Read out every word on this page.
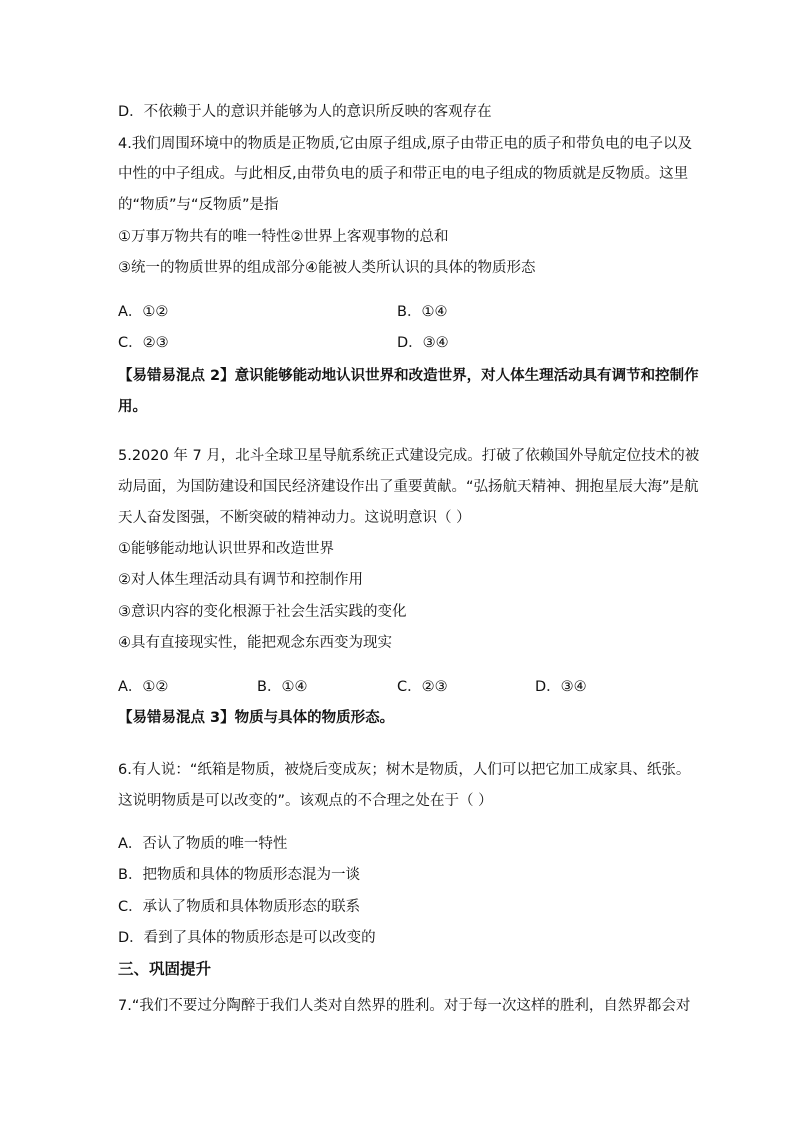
D．不依赖于人的意识并能够为人的意识所反映的客观存在
4.我们周围环境中的物质是正物质,它由原子组成,原子由带正电的质子和带负电的电子以及
中性的中子组成。与此相反,由带负电的质子和带正电的电子组成的物质就是反物质。这里
的“物质”与“反物质”是指
①万事万物共有的唯一特性②世界上客观事物的总和
③统一的物质世界的组成部分④能被人类所认识的具体的物质形态
A．①②	B．①④
C．②③	D．③④
【易错易混点 2】意识能够能动地认识世界和改造世界，对人体生理活动具有调节和控制作
用。
5.2020 年 7 月，北斗全球卫星导航系统正式建设完成。打破了依赖国外导航定位技术的被
动局面，为国防建设和国民经济建设作出了重要黄献。“弘扬航天精神、拥抱星辰大海”是航
天人奋发图强，不断突破的精神动力。这说明意识（ ）
①能够能动地认识世界和改造世界
②对人体生理活动具有调节和控制作用
③意识内容的变化根源于社会生活实践的变化
④具有直接现实性，能把观念东西变为现实
A．①②	B．①④	C．②③	D．③④
【易错易混点 3】物质与具体的物质形态。
6.有人说：“纸箱是物质，被烧后变成灰；树木是物质，人们可以把它加工成家具、纸张。
这说明物质是可以改变的”。该观点的不合理之处在于（ ）
A．否认了物质的唯一特性
B．把物质和具体的物质形态混为一谈
C．承认了物质和具体物质形态的联系
D．看到了具体的物质形态是可以改变的
三、巩固提升
7.“我们不要过分陶醉于我们人类对自然界的胜利。对于每一次这样的胜利，自然界都会对
